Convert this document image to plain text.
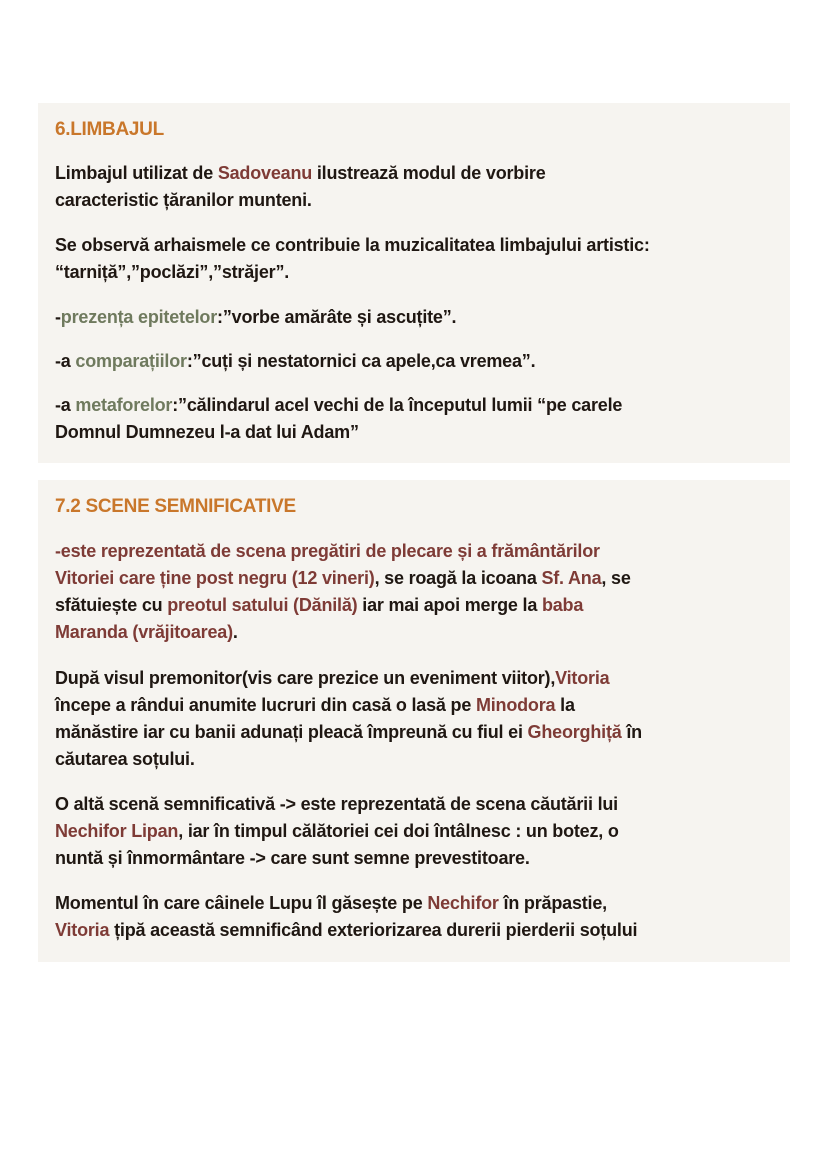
6.LIMBAJUL

Limbajul utilizat de Sadoveanu ilustrează modul de vorbire
caracteristic țăranilor munteni.

Se observă arhaismele ce contribuie la muzicalitatea limbajului artistic:
“tarniță”,”poclăzi”,”străjer”.

-prezența epitetelor:”vorbe amărâte și ascuțite”.

-a comparațiilor:”cuți și nestatornici ca apele,ca vremea”.

-a metaforelor:”călindarul acel vechi de la începutul lumii “pe carele
Domnul Dumnezeu l-a dat lui Adam”

7.2 SCENE SEMNIFICATIVE

-este reprezentată de scena pregătiri de plecare și a frământărilor
Vitoriei care ține post negru (12 vineri), se roagă la icoana Sf. Ana, se
sfătuiește cu preotul satului (Dănilă) iar mai apoi merge la baba
Maranda (vrăjitoarea).

După visul premonitor(vis care prezice un eveniment viitor),Vitoria
începe a rândui anumite lucruri din casă o lasă pe Minodora la
mănăstire iar cu banii adunați pleacă împreună cu fiul ei Gheorghiță în
căutarea soțului.

O altă scenă semnificativă -> este reprezentată de scena căutării lui
Nechifor Lipan, iar în timpul călătoriei cei doi întâlnesc : un botez, o
nuntă și înmormântare -> care sunt semne prevestitoare.

Momentul în care câinele Lupu îl găsește pe Nechifor în prăpastie,
Vitoria țipă această semnificând exteriorizarea durerii pierderii soțului
